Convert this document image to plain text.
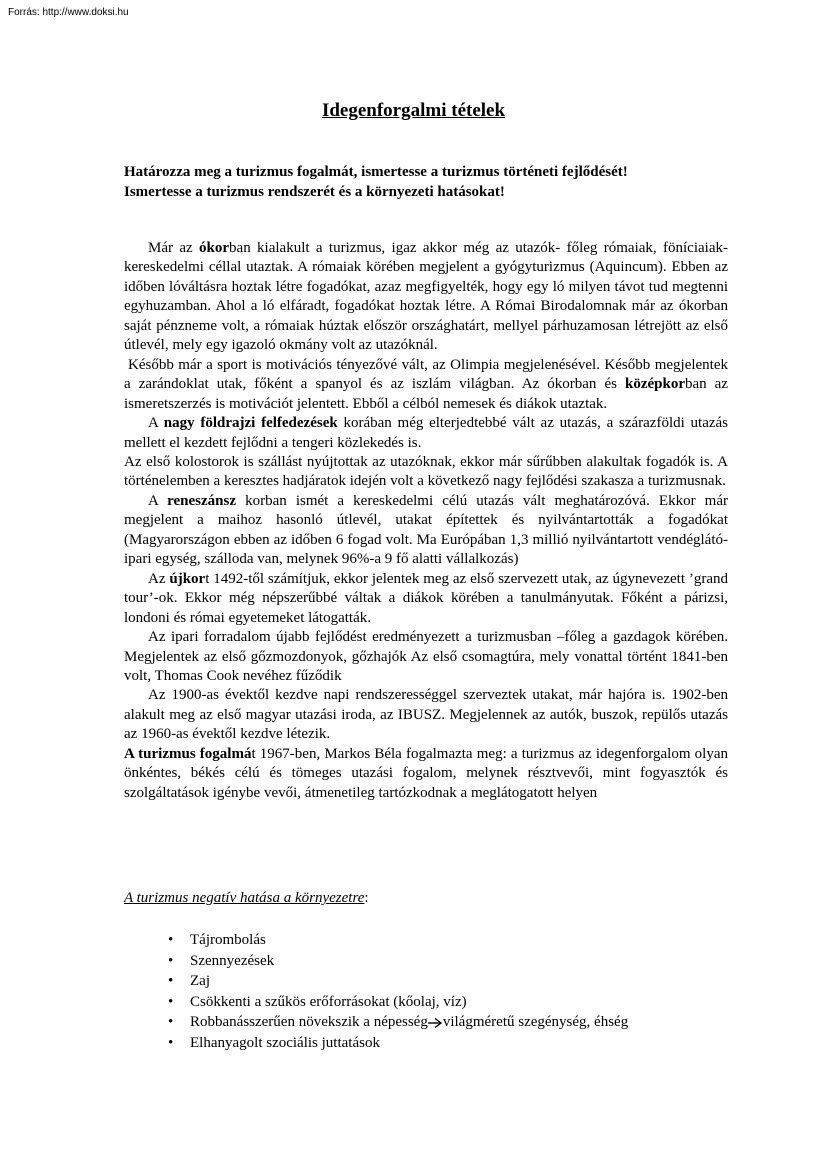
Forrás: http://www.doksi.hu
Idegenforgalmi tételek

Határozza meg a turizmus fogalmát, ismertesse a turizmus történeti fejlődését!

Ismertesse a turizmus rendszerét és a környezeti hatásokat!

Már az ókorban kialakult a turizmus, igaz akkor még az utazók- főleg rómaiak, föníciaiak- kereskedelmi céllal utaztak. A rómaiak körében megjelent a gyógyturizmus (Aquincum). Ebben az időben lóváltásra hoztak létre fogadókat, azaz megfigyelték, hogy egy ló milyen távot tud megtenni egyhuzamban. Ahol a ló elfáradt, fogadókat hoztak létre. A Római Birodalomnak már az ókorban saját pénzneme volt, a rómaiak húztak először országhatárt, mellyel párhuzamosan létrejött az első útlevél, mely egy igazoló okmány volt az utazóknál.

Később már a sport is motivációs tényezővé vált, az Olimpia megjelenésével. Később megjelentek a zarándoklat utak, főként a spanyol és az iszlám világban. Az ókorban és középkorban az ismeretszerzés is motivációt jelentett. Ebből a célból nemesek és diákok utaztak.

A nagy földrajzi felfedezések korában még elterjedtebbé vált az utazás, a szárazföldi utazás mellett el kezdett fejlődni a tengeri közlekedés is.

Az első kolostorok is szállást nyújtottak az utazóknak, ekkor már sűrűbben alakultak fogadók is. A történelemben a keresztes hadjáratok idején volt a következő nagy fejlődési szakasza a turizmusnak.

A reneszánsz korban ismét a kereskedelmi célú utazás vált meghatározóvá. Ekkor már megjelent a maihoz hasonló útlevél, utakat építettek és nyilvántartották a fogadókat (Magyarországon ebben az időben 6 fogad volt. Ma Európában 1,3 millió nyilvántartott vendéglátó-ipari egység, szálloda van, melynek 96%-a 9 fő alatti vállalkozás)

Az újkort 1492-től számítjuk, ekkor jelentek meg az első szervezett utak, az úgynevezett ’grand tour’-ok. Ekkor még népszerűbbé váltak a diákok körében a tanulmányutak. Főként a párizsi, londoni és római egyetemeket látogatták.

Az ipari forradalom újabb fejlődést eredményezett a turizmusban –főleg a gazdagok körében. Megjelentek az első gőzmozdonyok, gőzhajók Az első csomagtúra, mely vonattal történt 1841-ben volt, Thomas Cook nevéhez fűződik

Az 1900-as évektől kezdve napi rendszerességgel szerveztek utakat, már hajóra is. 1902-ben alakult meg az első magyar utazási iroda, az IBUSZ. Megjelennek az autók, buszok, repülős utazás az 1960-as évektől kezdve létezik.

A turizmus fogalmát 1967-ben, Markos Béla fogalmazta meg: a turizmus az idegenforgalom olyan önkéntes, békés célú és tömeges utazási fogalom, melynek résztvevői, mint fogyasztók és szolgáltatások igénybe vevői, átmenetileg tartózkodnak a meglátogatott helyen

A turizmus negatív hatása a környezetre:
• Tájrombolás
• Szennyezések
• Zaj
• Csökkenti a szűkös erőforrásokat (kőolaj, víz)
• Robbanásszerűen növekszik a népesség világméretű szegénység, éhség
• Elhanyagolt szociális juttatások
